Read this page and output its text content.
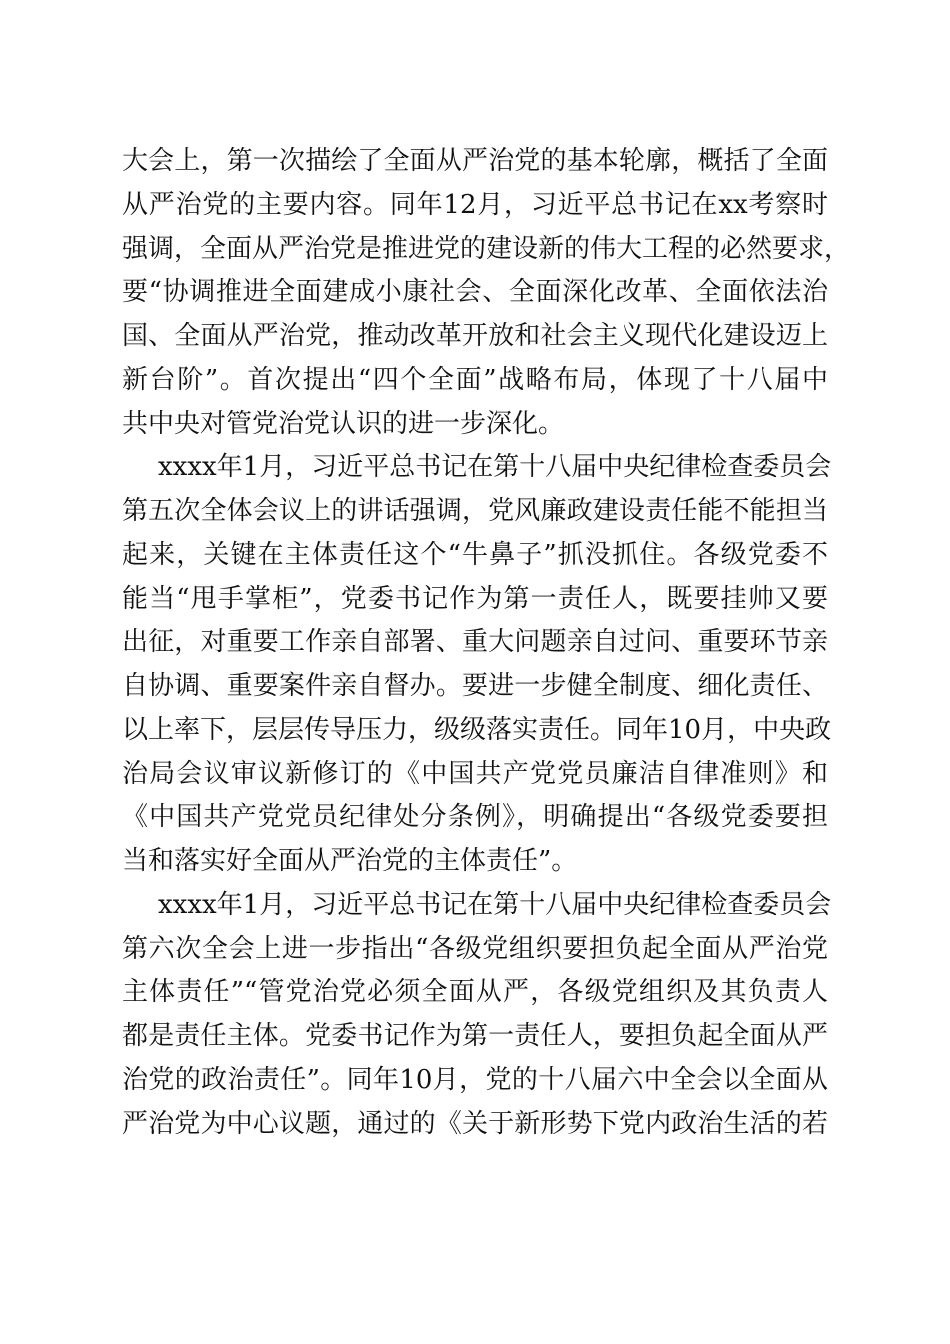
大会上，第一次描绘了全面从严治党的基本轮廓，概括了全面
从严治党的主要内容。同年12月，习近平总书记在xx考察时
强调，全面从严治党是推进党的建设新的伟大工程的必然要求，
要“协调推进全面建成小康社会、全面深化改革、全面依法治
国、全面从严治党，推动改革开放和社会主义现代化建设迈上
新台阶”。首次提出“四个全面”战略布局，体现了十八届中
共中央对管党治党认识的进一步深化。
xxxx年1月，习近平总书记在第十八届中央纪律检查委员会
第五次全体会议上的讲话强调，党风廉政建设责任能不能担当
起来，关键在主体责任这个“牛鼻子”抓没抓住。各级党委不
能当“甩手掌柜”，党委书记作为第一责任人，既要挂帅又要
出征，对重要工作亲自部署、重大问题亲自过问、重要环节亲
自协调、重要案件亲自督办。要进一步健全制度、细化责任、
以上率下，层层传导压力，级级落实责任。同年10月，中央政
治局会议审议新修订的《中国共产党党员廉洁自律准则》和
《中国共产党党员纪律处分条例》，明确提出“各级党委要担
当和落实好全面从严治党的主体责任”。
xxxx年1月，习近平总书记在第十八届中央纪律检查委员会
第六次全会上进一步指出“各级党组织要担负起全面从严治党
主体责任”“管党治党必须全面从严，各级党组织及其负责人
都是责任主体。党委书记作为第一责任人，要担负起全面从严
治党的政治责任”。同年10月，党的十八届六中全会以全面从
严治党为中心议题，通过的《关于新形势下党内政治生活的若
